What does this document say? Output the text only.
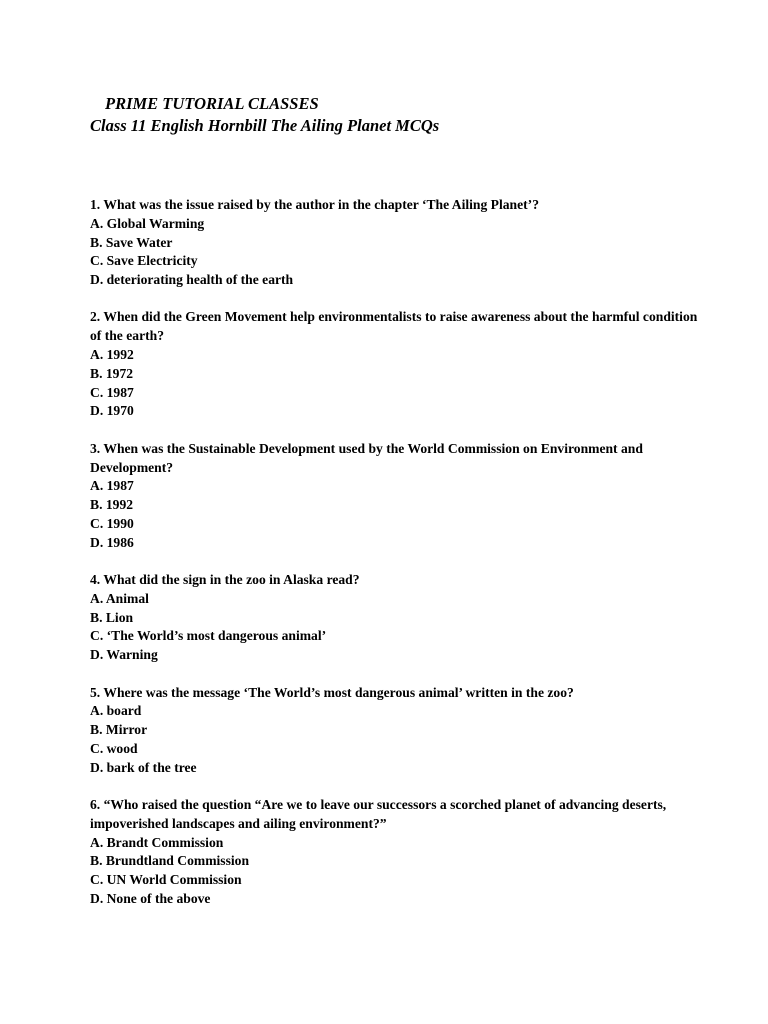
PRIME TUTORIAL CLASSES
Class 11 English Hornbill The Ailing Planet MCQs

1. What was the issue raised by the author in the chapter ‘The Ailing Planet’?

A. Global Warming

B. Save Water

C. Save Electricity

D. deteriorating health of the earth

2. When did the Green Movement help environmentalists to raise awareness about the harmful condition of the earth?

A. 1992

B. 1972

C. 1987

D. 1970

3. When was the Sustainable Development used by the World Commission on Environment and Development?

A. 1987

B. 1992

C. 1990

D. 1986

4. What did the sign in the zoo in Alaska read?

A. Animal

B. Lion

C. ‘The World’s most dangerous animal’

D. Warning

5. Where was the message ‘The World’s most dangerous animal’ written in the zoo?

A. board

B. Mirror

C. wood

D. bark of the tree

6. “Who raised the question “Are we to leave our successors a scorched planet of advancing deserts, impoverished landscapes and ailing environment?”

A. Brandt Commission

B. Brundtland Commission

C. UN World Commission

D. None of the above
